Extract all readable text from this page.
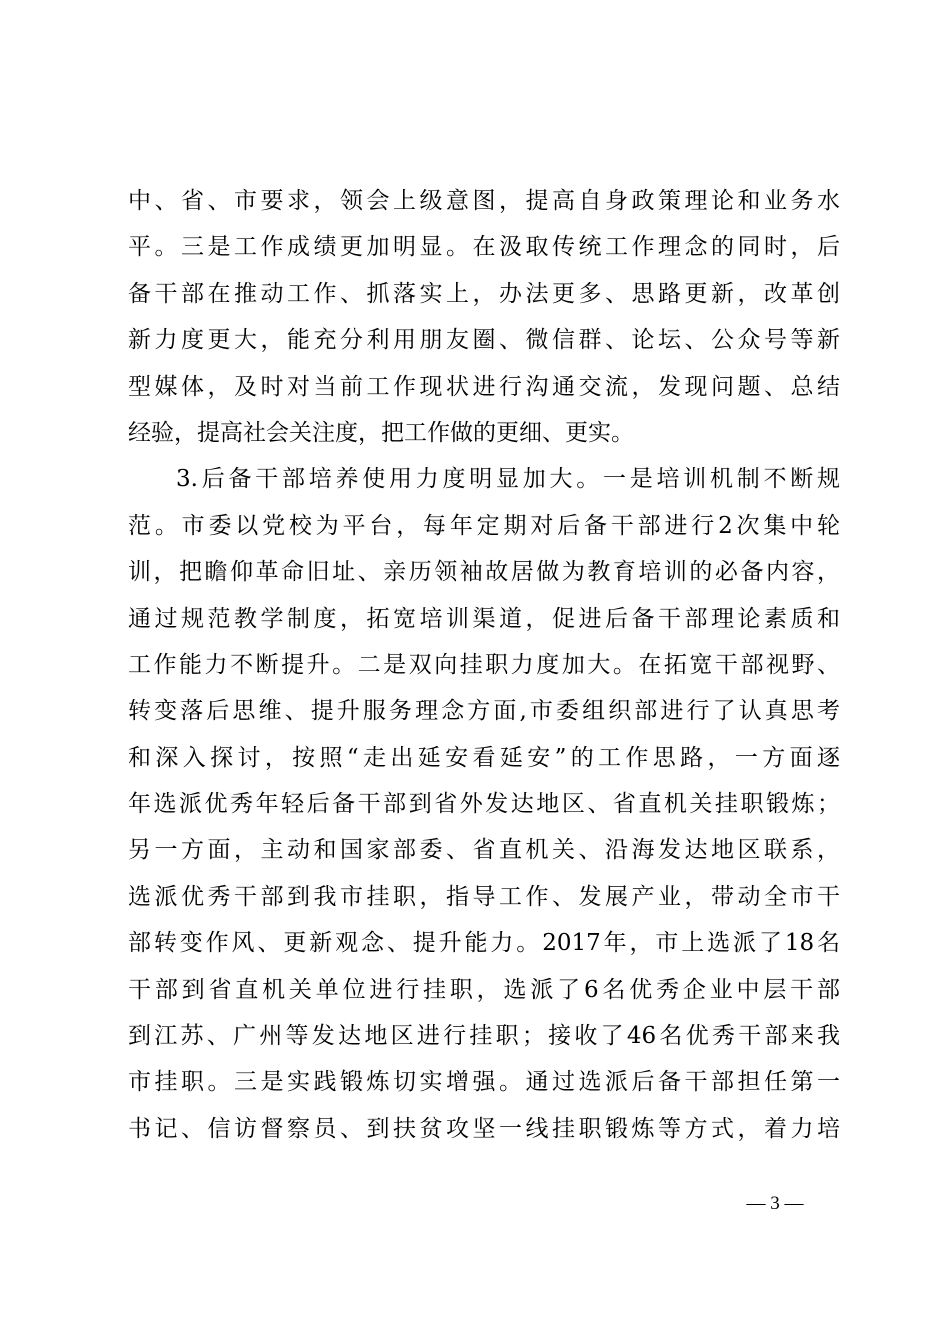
中、省、市要求，领会上级意图，提高自身政策理论和业务水
平。三是工作成绩更加明显。在汲取传统工作理念的同时，后
备干部在推动工作、抓落实上，办法更多、思路更新，改革创
新力度更大，能充分利用朋友圈、微信群、论坛、公众号等新
型媒体，及时对当前工作现状进行沟通交流，发现问题、总结
经验，提高社会关注度，把工作做的更细、更实。
3.后备干部培养使用力度明显加大。一是培训机制不断规
范。市委以党校为平台，每年定期对后备干部进行2次集中轮
训，把瞻仰革命旧址、亲历领袖故居做为教育培训的必备内容，
通过规范教学制度，拓宽培训渠道，促进后备干部理论素质和
工作能力不断提升。二是双向挂职力度加大。在拓宽干部视野、
转变落后思维、提升服务理念方面,市委组织部进行了认真思考
和深入探讨，按照“走出延安看延安”的工作思路，一方面逐
年选派优秀年轻后备干部到省外发达地区、省直机关挂职锻炼；
另一方面，主动和国家部委、省直机关、沿海发达地区联系，
选派优秀干部到我市挂职，指导工作、发展产业，带动全市干
部转变作风、更新观念、提升能力。2017年，市上选派了18名
干部到省直机关单位进行挂职，选派了6名优秀企业中层干部
到江苏、广州等发达地区进行挂职；接收了46名优秀干部来我
市挂职。三是实践锻炼切实增强。通过选派后备干部担任第一
书记、信访督察员、到扶贫攻坚一线挂职锻炼等方式，着力培
— 3 —
